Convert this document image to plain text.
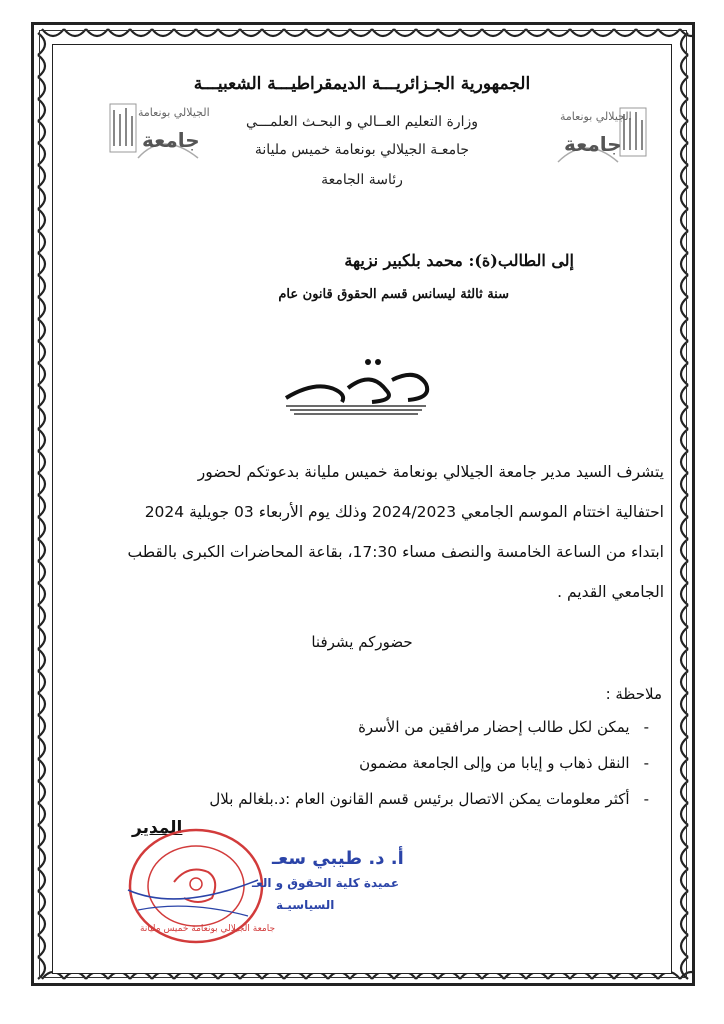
الجمهورية الجـزائريـــة الديمقراطيـــة الشعبيـــة
وزارة التعليم العــالي و البحـث العلمـــي
جامعـة الجيلالي بونعامة خميس مليانة
رئاسة الجامعة
الجيلالي بونعامة
جامعة
الجيلالي بونعامة
جامعة
إلى الطالب(ة): محمد بلكبير نزيهة
سنة ثالثة ليسانس قسم الحقوق قانون عام
يتشرف السيد مدير جامعة الجيلالي بونعامة خميس مليانة بدعوتكم لحضور
احتفالية اختتام الموسم الجامعي 2024/2023 وذلك يوم الأربعاء 03 جويلية 2024
ابتداء من الساعة الخامسة والنصف مساء 17:30، بقاعة المحاضرات الكبرى بالقطب
الجامعي القديم .
حضوركم يشرفنا
ملاحظة :
-يمكن لكل طالب إحضار مرافقين من الأسرة
-النقل ذهاب و إيابا من وإلى الجامعة مضمون
-أكثر معلومات يمكن الاتصال برئيس قسم القانون العام :د.بلغالم بلال
المدير
جامعة الجيلالي بونعامة خميس مليانة
أ. د. طيبي سعـ
عميدة كلية الحقوق و العـ
السياسيـة
